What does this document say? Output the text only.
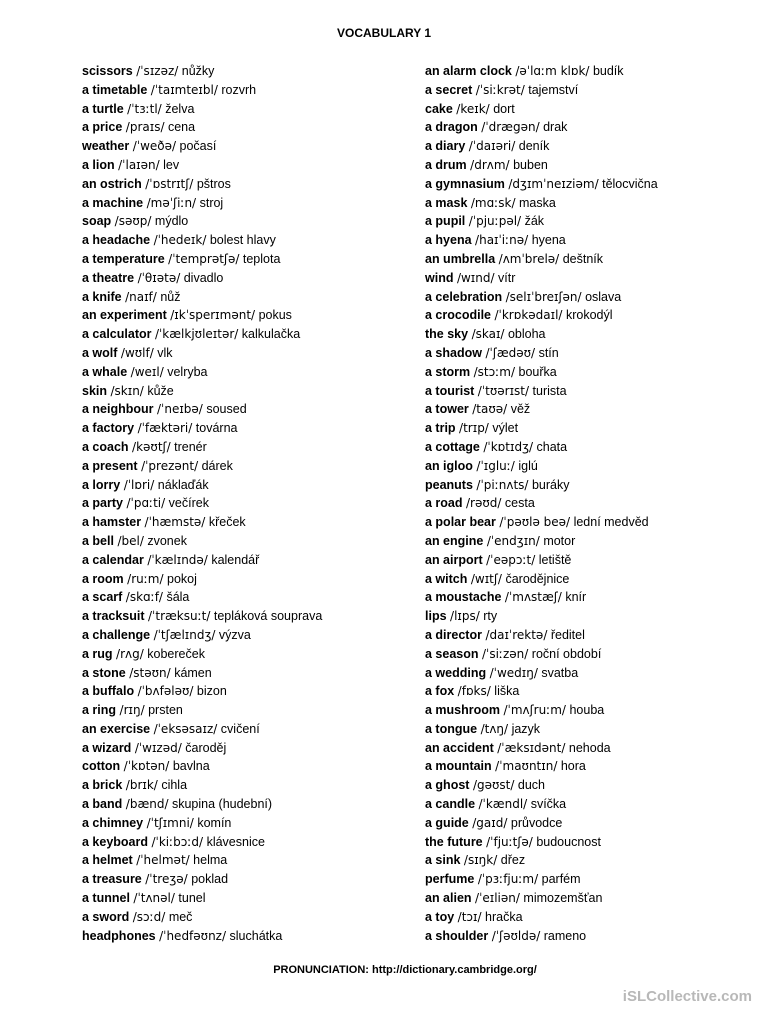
VOCABULARY 1
scissors /ˈsɪzəz/ nůžky
a timetable /ˈtaɪmteɪbl/ rozvrh
a turtle /ˈtɜːtl/ želva
a price /praɪs/ cena
weather /ˈweðə/ počasí
a lion /ˈlaɪən/ lev
an ostrich /ˈɒstrɪtʃ/ pštros
a machine /məˈʃiːn/ stroj
soap /səʊp/ mýdlo
a headache /ˈhedeɪk/ bolest hlavy
a temperature /ˈtemprətʃə/ teplota
a theatre /ˈθɪətə/ divadlo
a knife /naɪf/ nůž
an experiment /ɪkˈsperɪmənt/ pokus
a calculator /ˈkælkjʊleɪtər/ kalkulačka
a wolf /wʊlf/ vlk
a whale /weɪl/ velryba
skin /skɪn/ kůže
a neighbour /ˈneɪbə/ soused
a factory /ˈfæktəri/ továrna
a coach /kəʊtʃ/ trenér
a present /ˈprezənt/ dárek
a lorry /ˈlɒri/ náklaďák
a party /ˈpɑːti/ večírek
a hamster /ˈhæmstə/ křeček
a bell /bel/ zvonek
a calendar /ˈkælɪndə/ kalendář
a room /ruːm/ pokoj
a scarf /skɑːf/ šála
a tracksuit /ˈtræksuːt/ tepláková souprava
a challenge /ˈtʃælɪndʒ/ výzva
a rug /rʌg/ kobereček
a stone /stəʊn/ kámen
a buffalo /ˈbʌfələʊ/ bizon
a ring /rɪŋ/ prsten
an exercise /ˈeksəsaɪz/ cvičení
a wizard /ˈwɪzəd/ čaroděj
cotton /ˈkɒtən/ bavlna
a brick /brɪk/ cihla
a band /bænd/ skupina (hudební)
a chimney /ˈtʃɪmni/ komín
a keyboard /ˈkiːbɔːd/ klávesnice
a helmet /ˈhelmət/ helma
a treasure /ˈtreʒə/ poklad
a tunnel /ˈtʌnəl/ tunel
a sword /sɔːd/ meč
headphones /ˈhedfəʊnz/ sluchátka
an alarm clock /əˈlɑːm klɒk/ budík
a secret /ˈsiːkrət/ tajemství
cake /keɪk/ dort
a dragon /ˈdrægən/ drak
a diary /ˈdaɪəri/ deník
a drum /drʌm/ buben
a gymnasium /dʒɪmˈneɪziəm/ tělocvična
a mask /mɑːsk/ maska
a pupil /ˈpjuːpəl/ žák
a hyena /haɪˈiːnə/ hyena
an umbrella /ʌmˈbrelə/ deštník
wind /wɪnd/ vítr
a celebration /selɪˈbreɪʃən/ oslava
a crocodile /ˈkrɒkədaɪl/ krokodýl
the sky /skaɪ/ obloha
a shadow /ˈʃædəʊ/ stín
a storm /stɔːm/ bouřka
a tourist /ˈtʊərɪst/ turista
a tower /taʊə/ věž
a trip /trɪp/ výlet
a cottage /ˈkɒtɪdʒ/ chata
an igloo /ˈɪgluː/ iglú
peanuts /ˈpiːnʌts/ buráky
a road /rəʊd/ cesta
a polar bear /ˈpəʊlə beə/ lední medvěd
an engine /ˈendʒɪn/ motor
an airport /ˈeəpɔːt/ letiště
a witch /wɪtʃ/ čarodějnice
a moustache /ˈmʌstæʃ/ knír
lips /lɪps/ rty
a director /daɪˈrektə/ ředitel
a season /ˈsiːzən/ roční období
a wedding /ˈwedɪŋ/ svatba
a fox /fɒks/ liška
a mushroom /ˈmʌʃruːm/ houba
a tongue /tʌŋ/ jazyk
an accident /ˈæksɪdənt/ nehoda
a mountain /ˈmaʊntɪn/ hora
a ghost /gəʊst/ duch
a candle /ˈkændl/ svíčka
a guide /gaɪd/ průvodce
the future /ˈfjuːtʃə/ budoucnost
a sink /sɪŋk/ dřez
perfume /ˈpɜːfjuːm/ parfém
an alien /ˈeɪliən/ mimozemšťan
a toy /tɔɪ/ hračka
a shoulder /ˈʃəʊldə/ rameno
PRONUNCIATION: http://dictionary.cambridge.org/
iSLCollective.com
